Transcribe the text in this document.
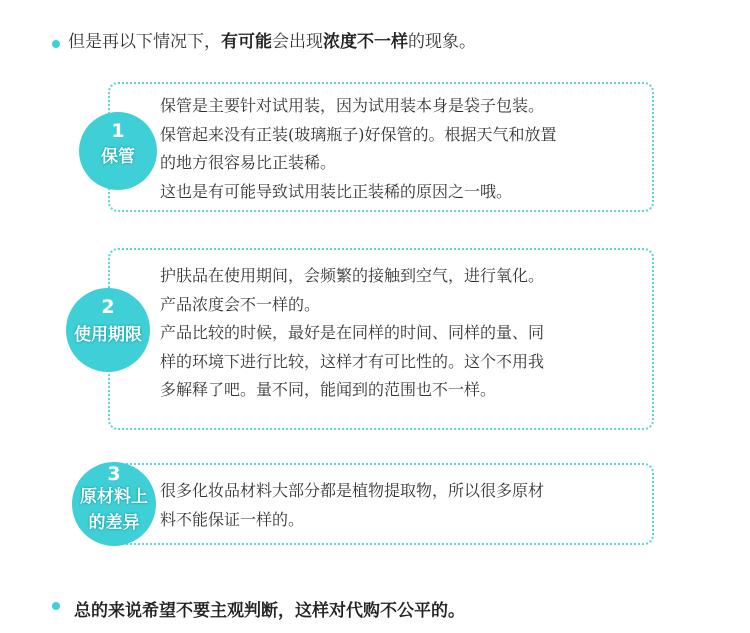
但是再以下情况下，有可能会出现浓度不一样的现象。

保管是主要针对试用装，因为试用装本身是袋子包装。

保管起来没有正装(玻璃瓶子)好保管的。根据天气和放置

的地方很容易比正装稀。

这也是有可能导致试用装比正装稀的原因之一哦。

1
保管

护肤品在使用期间，会频繁的接触到空气，进行氧化。

产品浓度会不一样的。

产品比较的时候，最好是在同样的时间、同样的量、同

样的环境下进行比较，这样才有可比性的。这个不用我

多解释了吧。量不同，能闻到的范围也不一样。

2
使用期限

很多化妆品材料大部分都是植物提取物，所以很多原材

料不能保证一样的。

3
原材料上
的差异
总的来说希望不要主观判断，这样对代购不公平的。
